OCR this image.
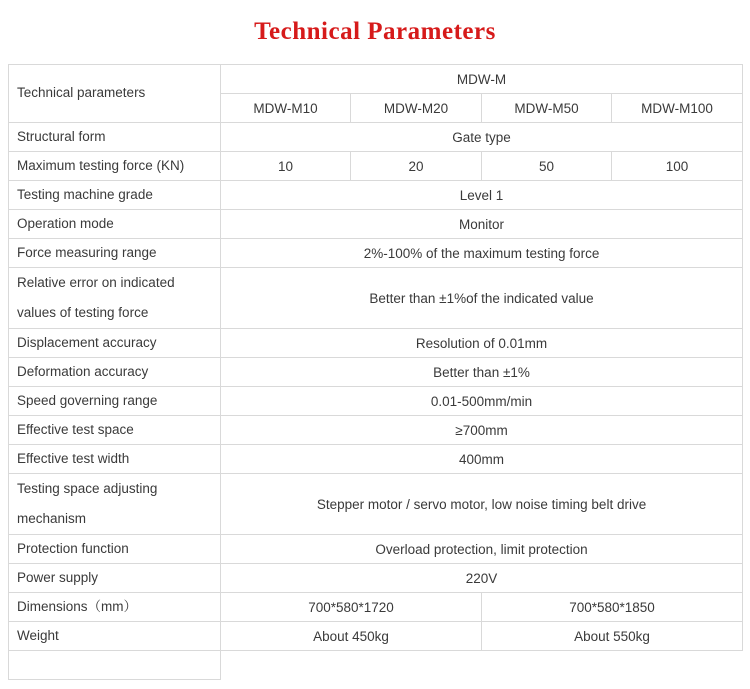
Technical Parameters
Technical parameters	MDW-M			
	MDW-M10	MDW-M20	MDW-M50	MDW-M100
Structural form	Gate type			
Maximum testing force (KN)	10	20	50	100
Testing machine grade	Level 1			
Operation mode	Monitor			
Force measuring range	2%-100% of the maximum testing force			

Relative error on indicated
values of testing force	Better than ±1%of the indicated value			
Displacement accuracy	Resolution of 0.01mm			
Deformation accuracy	Better than ±1%			
Speed governing range	0.01-500mm/min			
Effective test space	≥700mm			
Effective test width	400mm			

Testing space adjusting
mechanism	Stepper motor / servo motor, low noise timing belt drive			
Protection function	Overload protection, limit protection			
Power supply	220V			
Dimensions（mm）	700*580*1720		700*580*1850	
Weight	About 450kg		About 550kg	
